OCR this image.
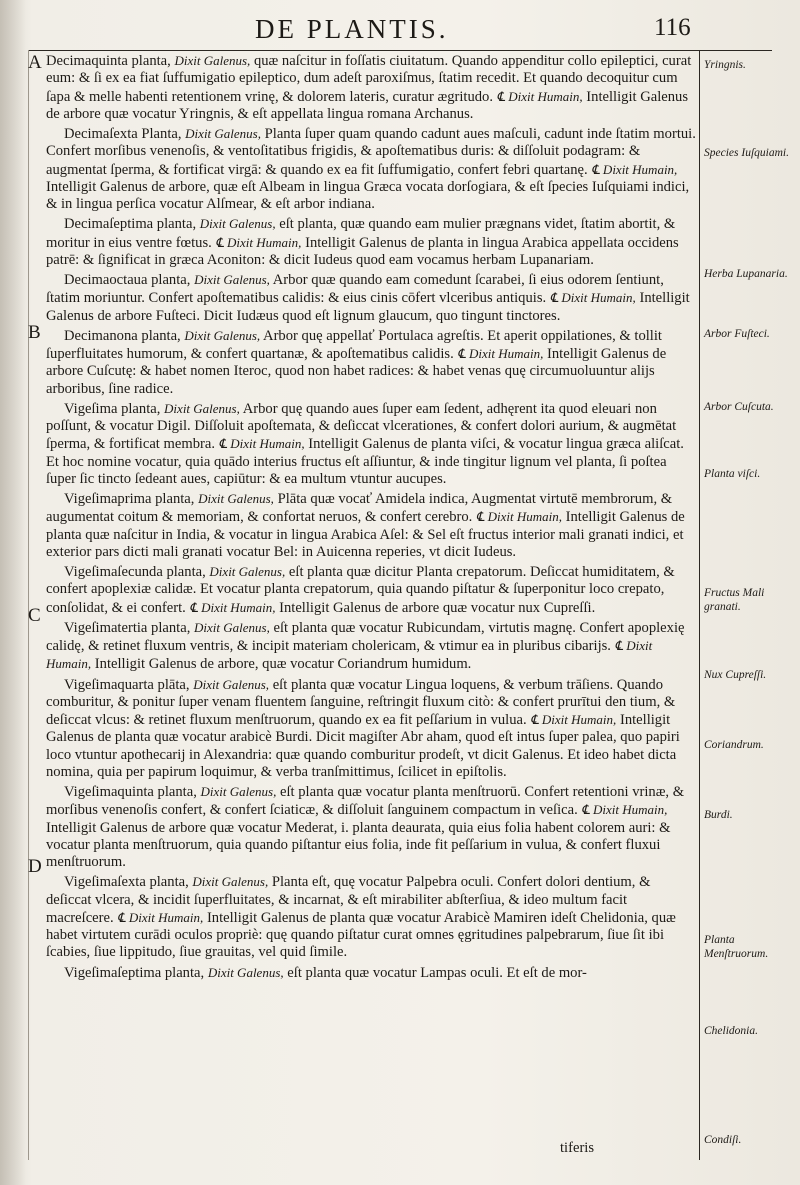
DE PLANTIS.	116
A
B
C
D

Decimaquinta planta, Dixit Galenus, quæ naſcitur in foſſatis ciuitatum. Quando appenditur collo epileptici, curat eum: & ſi ex ea fiat ſuffumigatio epileptico, dum adeſt paroxiſmus, ſtatim recedit. Et quando decoquitur cum ſapa & melle habenti retentionem vrinę, & dolorem lateris, curatur ægritudo. ℄ Dixit Humain, Intelligit Galenus de arbore quæ vocatur Yringnis, & eſt appellata lingua romana Archanus.

Decimaſexta Planta, Dixit Galenus, Planta ſuper quam quando cadunt aues maſculi, cadunt inde ſtatim mortui. Confert morſibus venenoſis, & ventoſitatibus frigidis, & apoſtematibus duris: & diſſoluit podagram: & augmentat ſperma, & fortificat virgā: & quando ex ea fit ſuffumigatio, confert febri quartanę. ℄ Dixit Humain, Intelligit Galenus de arbore, quæ eſt Albeam in lingua Græca vocata dorſogiara, & eſt ſpecies Iuſquiami indici, & in lingua perſica vocatur Alſmear, & eſt arbor indiana.

Decimaſeptima planta, Dixit Galenus, eſt planta, quæ quando eam mulier prægnans videt, ſtatim abortit, & moritur in eius ventre fœtus. ℄ Dixit Humain, Intelligit Galenus de planta in lingua Arabica appellata occidens patrē: & ſignificat in græca Aconiton: & dicit Iudeus quod eam vocamus herbam Lupanariam.

Decimaoctaua planta, Dixit Galenus, Arbor quæ quando eam comedunt ſcarabei, ſi eius odorem ſentiunt, ſtatim moriuntur. Confert apoſtematibus calidis: & eius cinis cōfert vlceribus antiquis. ℄ Dixit Humain, Intelligit Galenus de arbore Fuſteci. Dicit Iudæus quod eſt lignum glaucum, quo tingunt tinctores.

Decimanona planta, Dixit Galenus, Arbor quę appellať Portulaca agreſtis. Et aperit oppilationes, & tollit ſuperfluitates humorum, & confert quartanæ, & apoſtematibus calidis. ℄ Dixit Humain, Intelligit Galenus de arbore Cuſcutę: & habet nomen Iteroc, quod non habet radices: & habet venas quę circumuoluuntur alijs arboribus, ſine radice.

Vigeſima planta, Dixit Galenus, Arbor quę quando aues ſuper eam ſedent, adhęrent ita quod eleuari non poſſunt, & vocatur Digil. Diſſoluit apoſtemata, & deſiccat vlcerationes, & confert dolori aurium, & augmētat ſperma, & fortificat membra. ℄ Dixit Humain, Intelligit Galenus de planta viſci, & vocatur lingua græca aliſcat. Et hoc nomine vocatur, quia quādo interius fructus eſt aſſiuntur, & inde tingitur lignum vel planta, ſi poſtea ſuper ſic tincto ſedeant aues, capiūtur: & ea multum vtuntur aucupes.

Vigeſimaprima planta, Dixit Galenus, Plāta quæ vocať Amidela indica, Augmentat virtutē membrorum, & augumentat coitum & memoriam, & confortat neruos, & confert cerebro. ℄ Dixit Humain, Intelligit Galenus de planta quæ naſcitur in India, & vocatur in lingua Arabica Aſel: & Sel eſt fructus interior mali granati indici, et exterior pars dicti mali granati vocatur Bel: in Auicenna reperies, vt dicit Iudeus.

Vigeſimaſecunda planta, Dixit Galenus, eſt planta quæ dicitur Planta crepatorum. Deſiccat humiditatem, & confert apoplexiæ calidæ. Et vocatur planta crepatorum, quia quando piſtatur & ſuperponitur loco crepato, conſolidat, & ei confert. ℄ Dixit Humain, Intelligit Galenus de arbore quæ vocatur nux Cupreſſi.

Vigeſimatertia planta, Dixit Galenus, eſt planta quæ vocatur Rubicundam, virtutis magnę. Confert apoplexię calidę, & retinet fluxum ventris, & incipit materiam cholericam, & vtimur ea in pluribus cibarijs. ℄ Dixit Humain, Intelligit Galenus de arbore, quæ vocatur Coriandrum humidum.

Vigeſimaquarta plāta, Dixit Galenus, eſt planta quæ vocatur Lingua loquens, & verbum trāſiens. Quando comburitur, & ponitur ſuper venam fluentem ſanguine, reſtringit fluxum citò: & confert prurītui den tium, & deſiccat vlcus: & retinet fluxum menſtruorum, quando ex ea fit peſſarium in vulua. ℄ Dixit Humain, Intelligit Galenus de planta quæ vocatur arabicè Burdi. Dicit magiſter Abr aham, quod eſt intus ſuper palea, quo papiri loco vtuntur apothecarij in Alexandria: quæ quando comburitur prodeſt, vt dicit Galenus. Et ideo habet dicta nomina, quia per papirum loquimur, & verba tranſmittimus, ſcilicet in epiſtolis.

Vigeſimaquinta planta, Dixit Galenus, eſt planta quæ vocatur planta menſtruorū. Confert retentioni vrinæ, & morſibus venenoſis confert, & confert ſciaticæ, & diſſoluit ſanguinem compactum in veſica. ℄ Dixit Humain, Intelligit Galenus de arbore quæ vocatur Mederat, i. planta deaurata, quia eius folia habent colorem auri: & vocatur planta menſtruorum, quia quando piſtantur eius folia, inde fit peſſarium in vulua, & confert fluxui menſtruorum.

Vigeſimaſexta planta, Dixit Galenus, Planta eſt, quę vocatur Palpebra oculi. Confert dolori dentium, & deſiccat vlcera, & incidit ſuperfluitates, & incarnat, & eſt mirabiliter abſterſiua, & ideo multum facit macreſcere. ℄ Dixit Humain, Intelligit Galenus de planta quæ vocatur Arabicè Mamiren ideſt Chelidonia, quæ habet virtutem curādi oculos propriè: quę quando piſtatur curat omnes ęgritudines palpebrarum, ſiue ſit ibi ſcabies, ſiue lippitudo, ſiue grauitas, vel quid ſimile.

Vigeſimaſeptima planta, Dixit Galenus, eſt planta quæ vocatur Lampas oculi. Et eſt de mor-

tiferis
Yringnis.
Species Iuſquiami.
Herba Lupanaria.
Arbor Fuſteci.
Arbor Cuſcuta.
Planta viſci.
Fructus Mali granati.
Nux Cupreſſi.
Coriandrum.
Burdi.
Planta Menſtruorum.
Chelidonia.
Condiſi.
